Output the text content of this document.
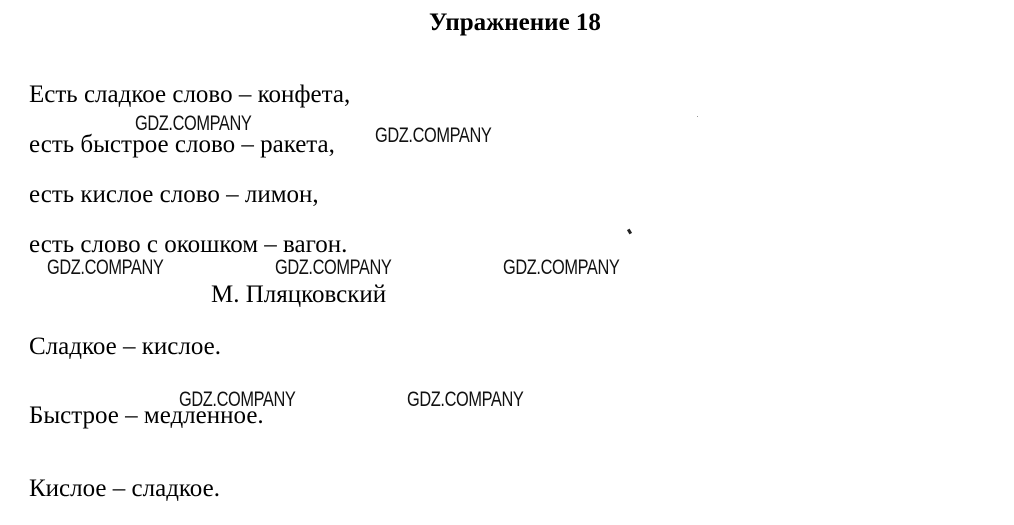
Упражнение 18
Есть сладкое слово – конфета,
есть быстрое слово – ракета,
есть кислое слово – лимон,
есть слово с окошком – вагон.
М. Пляцковский
Сладкое – кислое.
Быстрое – медленное.
Кислое – сладкое.
GDZ.COMPANY
GDZ.COMPANY
GDZ.COMPANY	GDZ.COMPANY	GDZ.COMPANY
GDZ.COMPANY	GDZ.COMPANY
